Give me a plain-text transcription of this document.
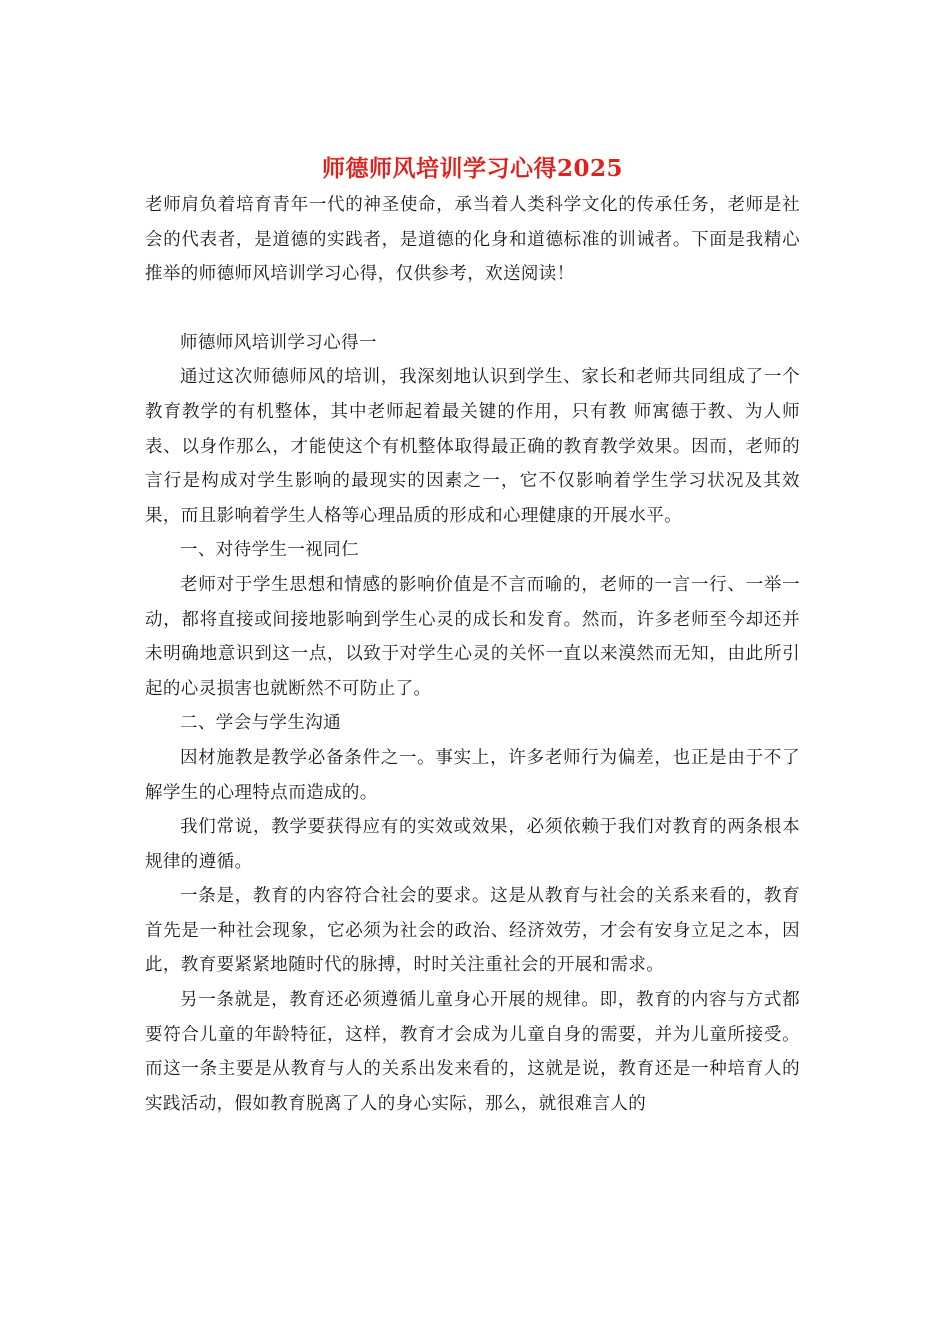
师德师风培训学习心得2025

老师肩负着培育青年一代的神圣使命，承当着人类科学文化的传承任务，老师是社会的代表者，是道德的实践者，是道德的化身和道德标准的训诫者。下面是我精心推举的师德师风培训学习心得，仅供参考，欢送阅读！

师德师风培训学习心得一

通过这次师德师风的培训，我深刻地认识到学生、家长和老师共同组成了一个教育教学的有机整体，其中老师起着最关键的作用，只有教 师寓德于教、为人师表、以身作那么，才能使这个有机整体取得最正确的教育教学效果。因而，老师的言行是构成对学生影响的最现实的因素之一，它不仅影响着学生学习状况及其效果，而且影响着学生人格等心理品质的形成和心理健康的开展水平。

一、对待学生一视同仁

老师对于学生思想和情感的影响价值是不言而喻的，老师的一言一行、一举一动，都将直接或间接地影响到学生心灵的成长和发育。然而，许多老师至今却还并未明确地意识到这一点，以致于对学生心灵的关怀一直以来漠然而无知，由此所引起的心灵损害也就断然不可防止了。

二、学会与学生沟通

因材施教是教学必备条件之一。事实上，许多老师行为偏差，也正是由于不了解学生的心理特点而造成的。

我们常说，教学要获得应有的实效或效果，必须依赖于我们对教育的两条根本规律的遵循。

一条是，教育的内容符合社会的要求。这是从教育与社会的关系来看的，教育首先是一种社会现象，它必须为社会的政治、经济效劳，才会有安身立足之本，因此，教育要紧紧地随时代的脉搏，时时关注重社会的开展和需求。

另一条就是，教育还必须遵循儿童身心开展的规律。即，教育的内容与方式都要符合儿童的年龄特征，这样，教育才会成为儿童自身的需要，并为儿童所接受。而这一条主要是从教育与人的关系出发来看的，这就是说，教育还是一种培育人的实践活动，假如教育脱离了人的身心实际，那么，就很难言人的
